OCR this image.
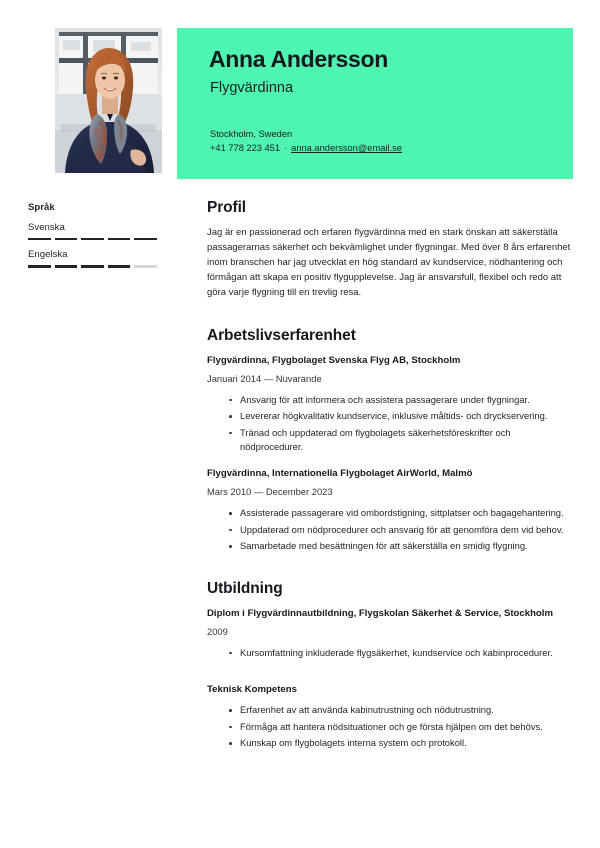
Anna Andersson
Flygvärdinna
Stockholm, Sweden
+41 778 223 451 · anna.andersson@email.se
Språk
Svenska
Engelska
Profil
Jag är en passionerad och erfaren flygvärdinna med en stark önskan att säkerställa passagerarnas säkerhet och bekvämlighet under flygningar. Med över 8 års erfarenhet inom branschen har jag utvecklat en hög standard av kundservice, nödhantering och förmågan att skapa en positiv flygupplevelse. Jag är ansvarsfull, flexibel och redo att göra varje flygning till en trevlig resa.
Arbetslivserfarenhet
Flygvärdinna, Flygbolaget Svenska Flyg AB, Stockholm
Januari 2014 — Nuvarande
Ansvarig för att informera och assistera passagerare under flygningar.
Levererar högkvalitativ kundservice, inklusive måltids- och dryckservering.
Tränad och uppdaterad om flygbolagets säkerhetsföreskrifter och nödprocedurer.
Flygvärdinna, Internationella Flygbolaget AirWorld, Malmö
Mars 2010 — December 2023
Assisterade passagerare vid ombordstigning, sittplatser och bagagehantering.
Uppdaterad om nödprocedurer och ansvarig för att genomföra dem vid behov.
Samarbetade med besättningen för att säkerställa en smidig flygning.
Utbildning
Diplom i Flygvärdinnautbildning, Flygskolan Säkerhet & Service, Stockholm
2009
Kursomfattning inkluderade flygsäkerhet, kundservice och kabinprocedurer.
Teknisk Kompetens
Erfarenhet av att använda kabinutrustning och nödutrustning.
Förmåga att hantera nödsituationer och ge första hjälpen om det behövs.
Kunskap om flygbolagets interna system och protokoll.
